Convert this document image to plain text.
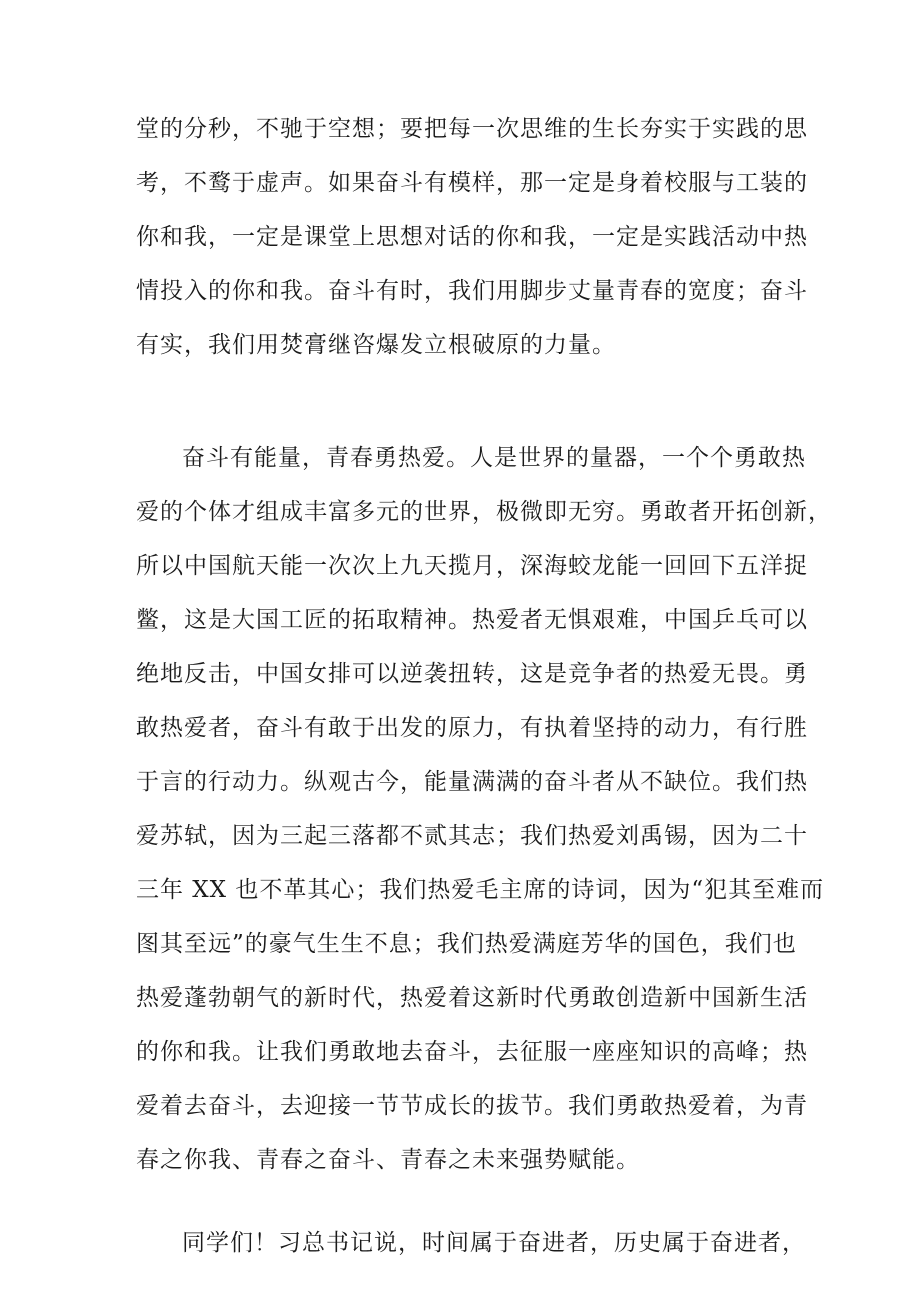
堂的分秒，不驰于空想；要把每一次思维的生长夯实于实践的思

考，不鹜于虚声。如果奋斗有模样，那一定是身着校服与工装的

你和我，一定是课堂上思想对话的你和我，一定是实践活动中热

情投入的你和我。奋斗有时，我们用脚步丈量青春的宽度；奋斗

有实，我们用焚膏继咨爆发立根破原的力量。

奋斗有能量，青春勇热爱。人是世界的量器，一个个勇敢热

爱的个体才组成丰富多元的世界，极微即无穷。勇敢者开拓创新，

所以中国航天能一次次上九天揽月，深海蛟龙能一回回下五洋捉

鳖，这是大国工匠的拓取精神。热爱者无惧艰难，中国乒乓可以

绝地反击，中国女排可以逆袭扭转，这是竞争者的热爱无畏。勇

敢热爱者，奋斗有敢于出发的原力，有执着坚持的动力，有行胜

于言的行动力。纵观古今，能量满满的奋斗者从不缺位。我们热

爱苏轼，因为三起三落都不贰其志；我们热爱刘禹锡，因为二十

三年 XX 也不革其心；我们热爱毛主席的诗词，因为“犯其至难而

图其至远”的豪气生生不息；我们热爱满庭芳华的国色，我们也

热爱蓬勃朝气的新时代，热爱着这新时代勇敢创造新中国新生活

的你和我。让我们勇敢地去奋斗，去征服一座座知识的高峰；热

爱着去奋斗，去迎接一节节成长的拔节。我们勇敢热爱着，为青

春之你我、青春之奋斗、青春之未来强势赋能。

同学们！习总书记说，时间属于奋进者，历史属于奋进者，
